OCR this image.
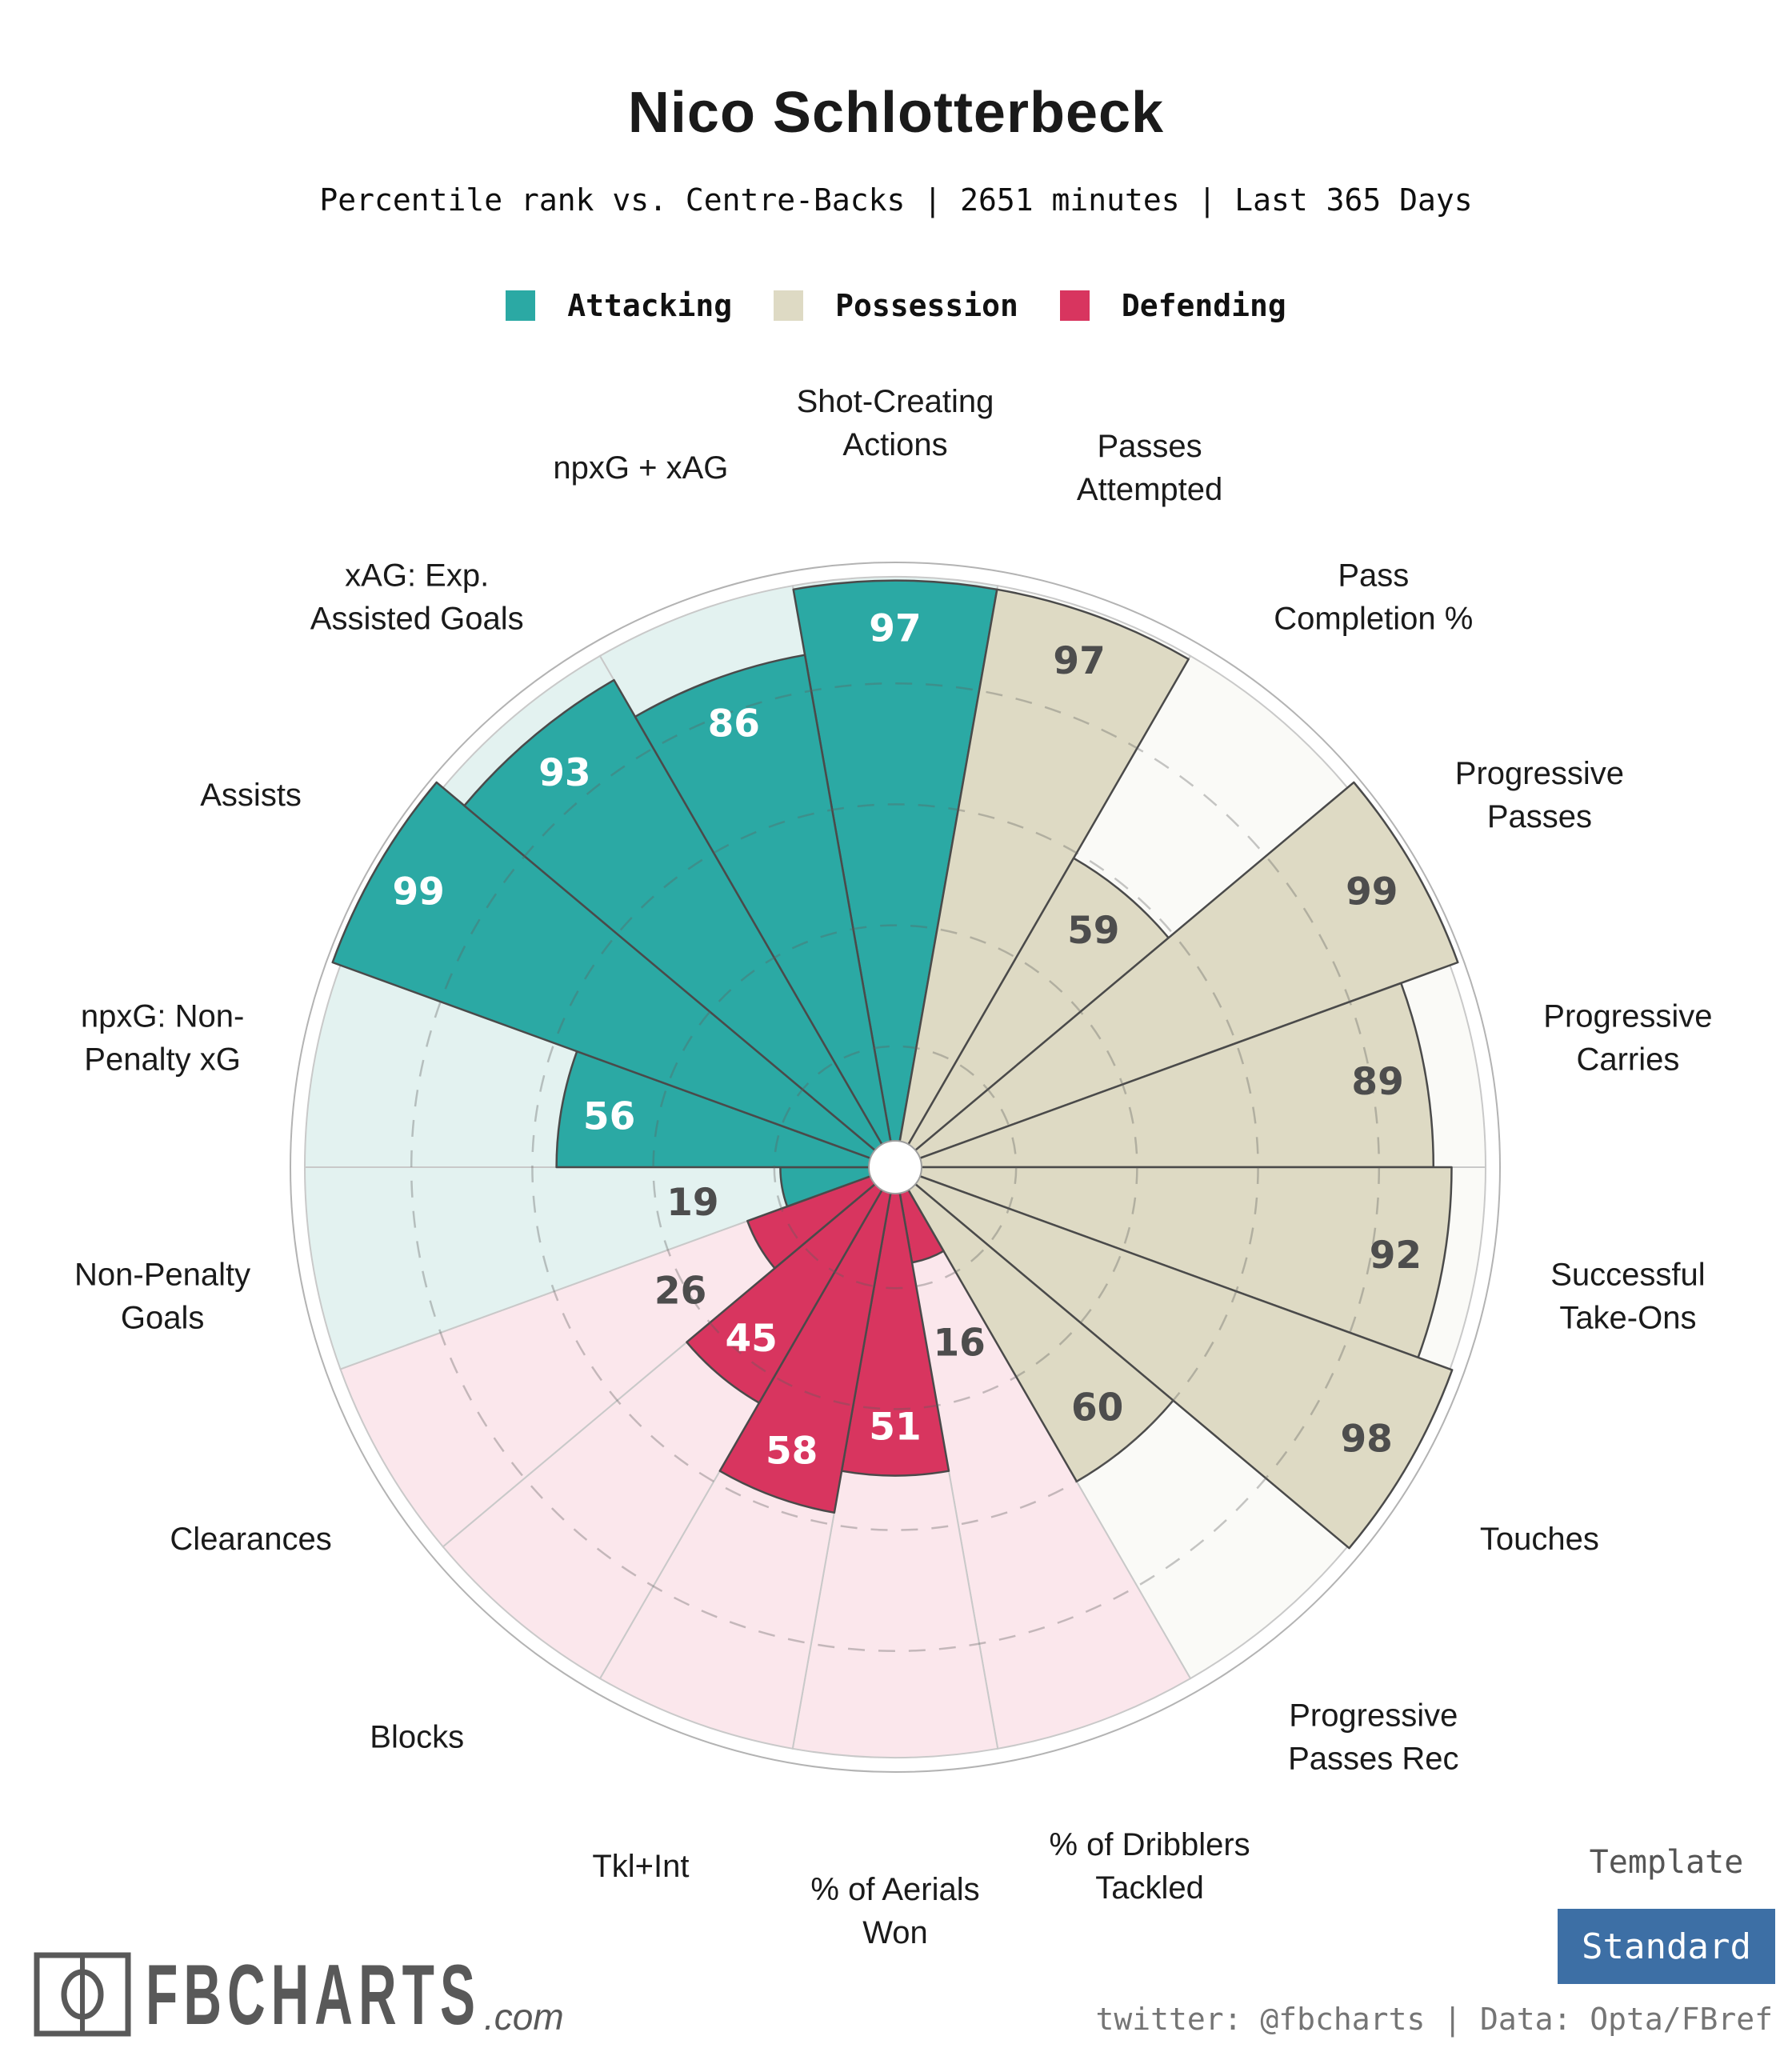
Nico Schlotterbeck
Percentile rank vs. Centre-Backs | 2651 minutes | Last 365 Days
Attacking	Possession	Defending
97
97
59
99
89
92
98
60
16
51
58
45
26
19
56
99
93
86
Shot-Creating Actions	Passes Attempted
Pass Completion %
Progressive Passes
Progressive Carries
Successful Take-Ons
Touches
Progressive Passes Rec
% of Dribblers Tackled
% of Aerials Won
Tkl+Int
Blocks
Clearances
Non-Penalty Goals
npxG: Non-Penalty xG
Assists
xAG: Exp. Assisted Goals
npxG + xAG
FBCHARTS .com
Template
Standard
twitter: @fbcharts | Data: Opta/FBref
